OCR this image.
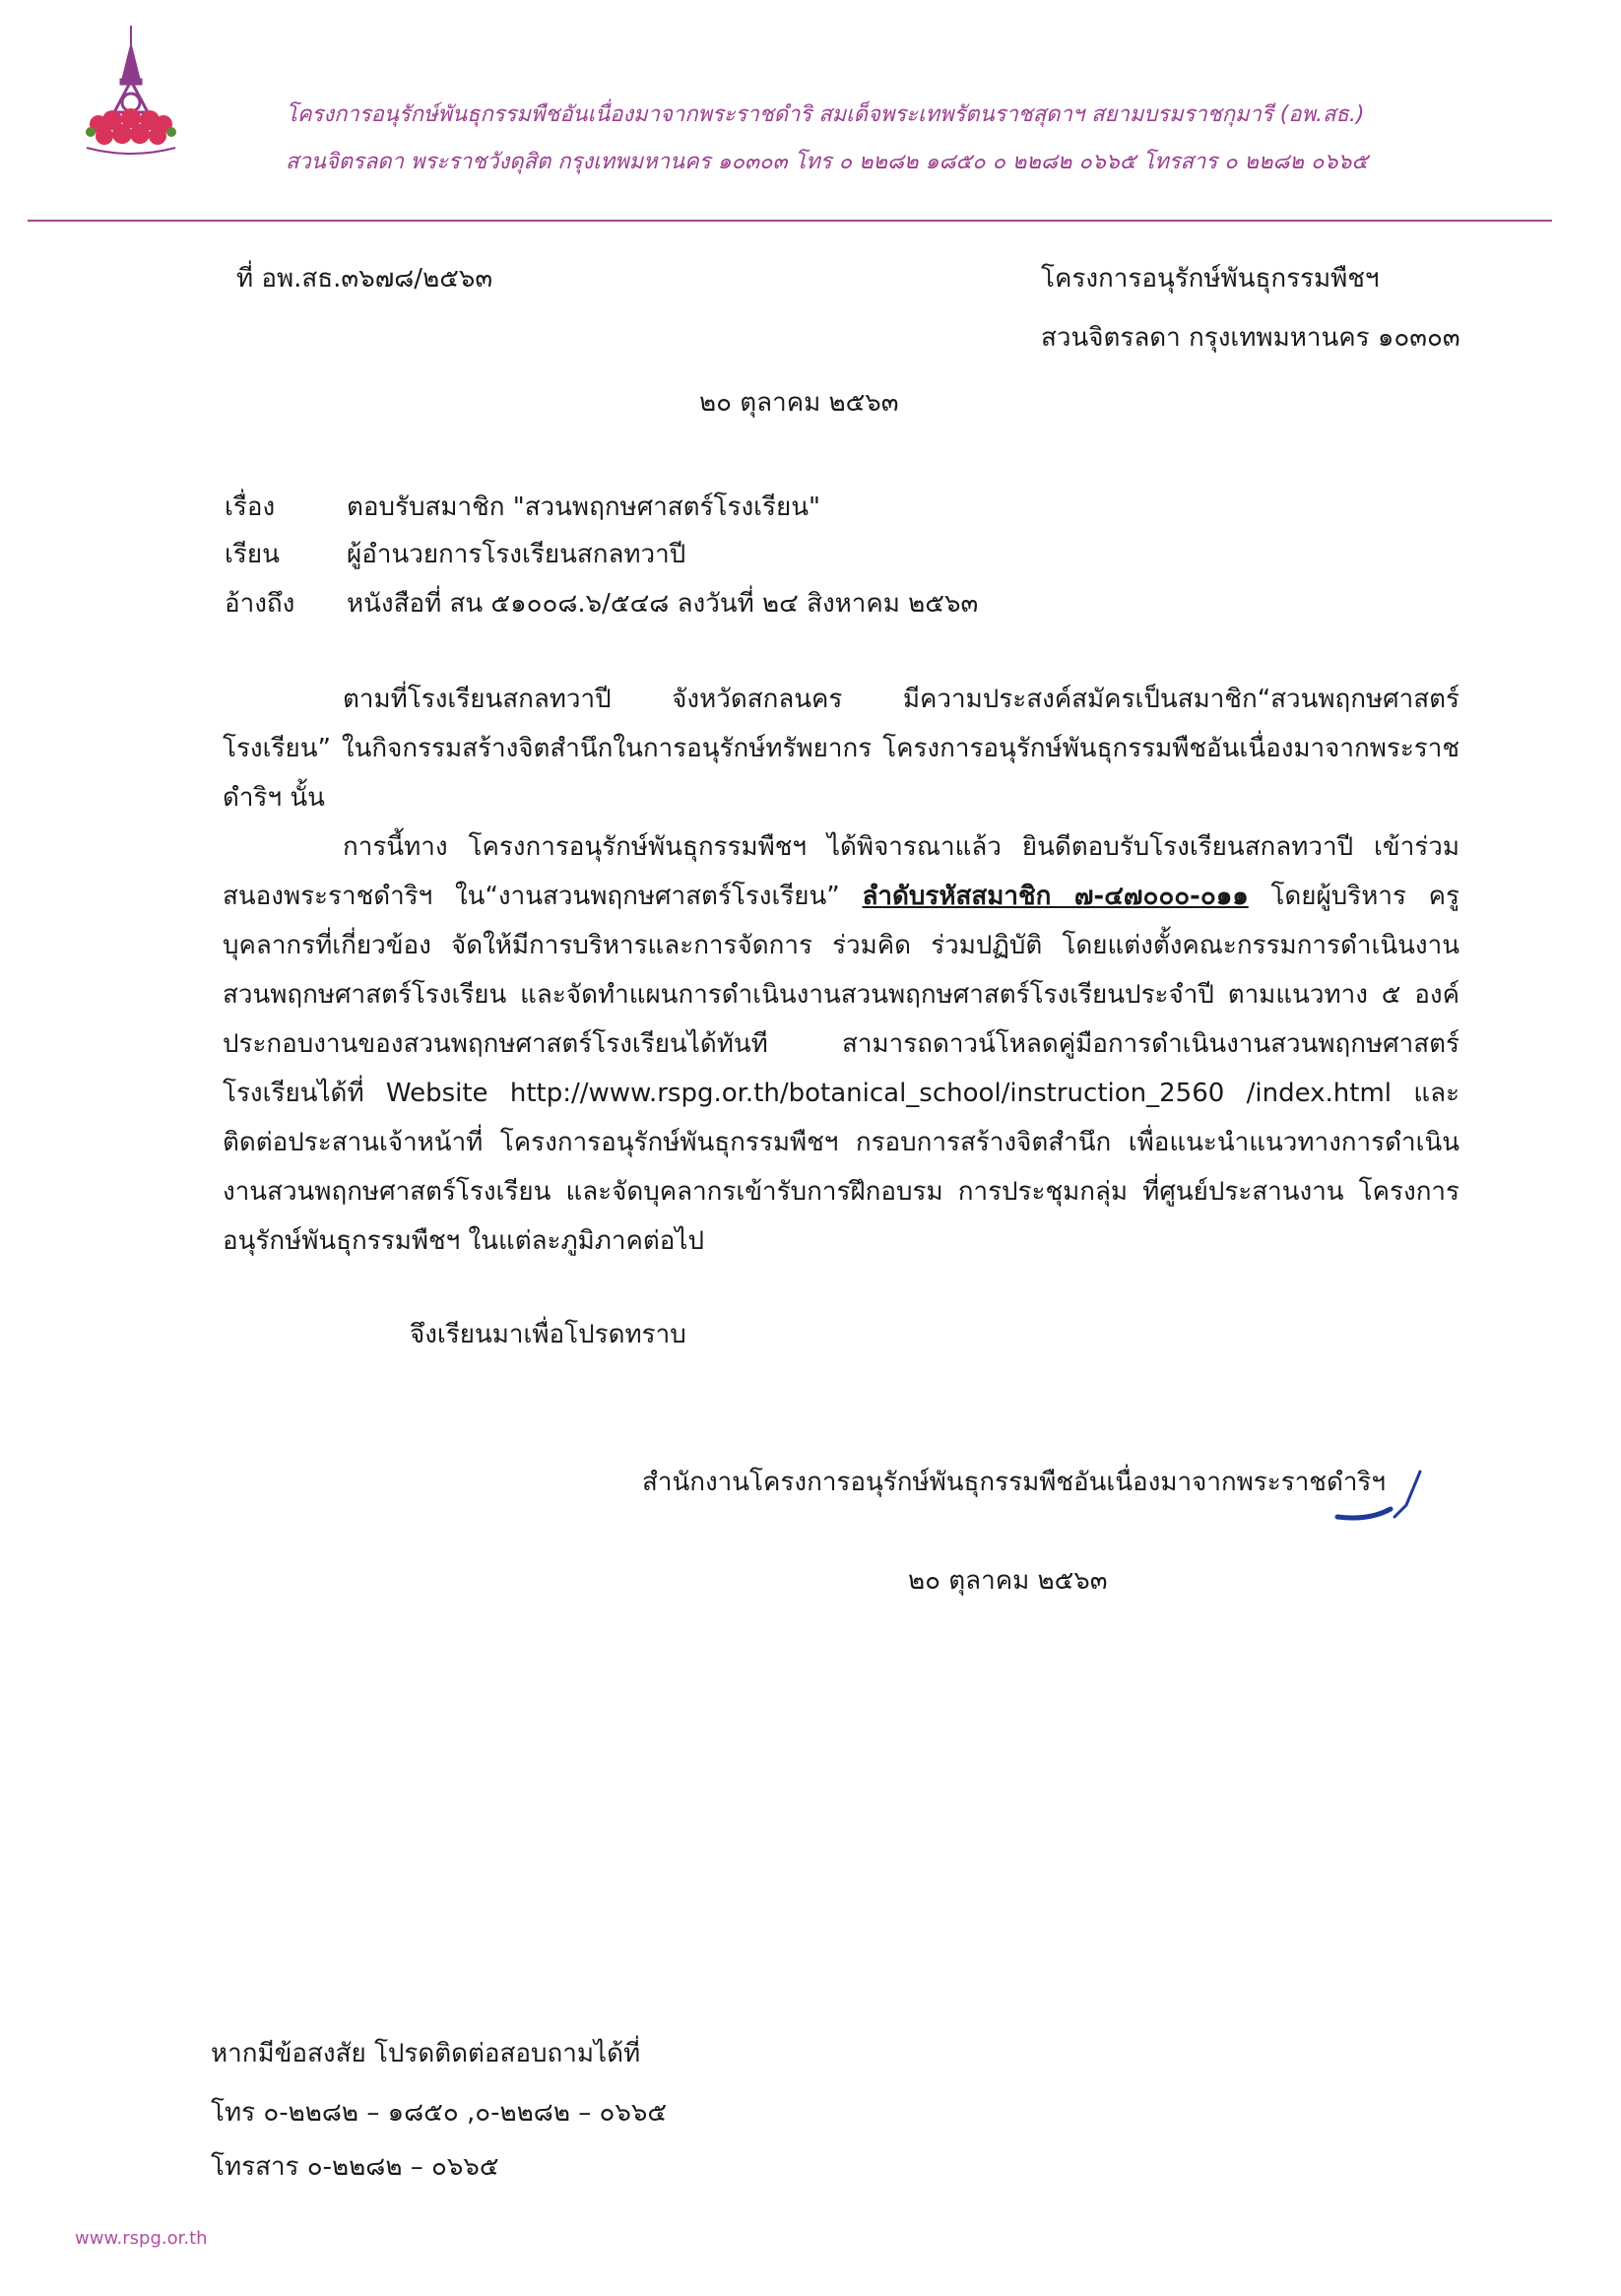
โครงการอนุรักษ์พันธุกรรมพืชอันเนื่องมาจากพระราชดำริ สมเด็จพระเทพรัตนราชสุดาฯ สยามบรมราชกุมารี (อพ.สธ.)
สวนจิตรลดา พระราชวังดุสิต กรุงเทพมหานคร ๑๐๓๐๓ โทร ๐ ๒๒๘๒ ๑๘๕๐ ๐ ๒๒๘๒ ๐๖๖๕ โทรสาร ๐ ๒๒๘๒ ๐๖๖๕
ที่ อพ.สธ.๓๖๗๘/๒๕๖๓	โครงการอนุรักษ์พันธุกรรมพืชฯ
สวนจิตรลดา กรุงเทพมหานคร ๑๐๓๐๓
๒๐ ตุลาคม ๒๕๖๓
เรื่อง	ตอบรับสมาชิก "สวนพฤกษศาสตร์โรงเรียน"
เรียน	ผู้อำนวยการโรงเรียนสกลทวาปี
อ้างถึง หนังสือที่ สน ๕๑๐๐๘.๖/๕๔๘ ลงวันที่ ๒๔ สิงหาคม ๒๕๖๓
ตามที่โรงเรียนสกลทวาปี จังหวัดสกลนคร มีความประสงค์สมัครเป็นสมาชิก“สวนพฤกษศาสตร์โรงเรียน” ในกิจกรรมสร้างจิตสำนึกในการอนุรักษ์ทรัพยากร โครงการอนุรักษ์พันธุกรรมพืชอันเนื่องมาจากพระราชดำริฯ นั้น
การนี้ทาง โครงการอนุรักษ์พันธุกรรมพืชฯ ได้พิจารณาแล้ว ยินดีตอบรับโรงเรียนสกลทวาปี เข้าร่วมสนองพระราชดำริฯ ใน“งานสวนพฤกษศาสตร์โรงเรียน” ลำดับรหัสสมาชิก ๗-๔๗๐๐๐-๐๑๑ โดยผู้บริหาร ครู บุคลากรที่เกี่ยวข้อง จัดให้มีการบริหารและการจัดการ ร่วมคิด ร่วมปฏิบัติ โดยแต่งตั้งคณะกรรมการดำเนินงานสวนพฤกษศาสตร์โรงเรียน และจัดทำแผนการดำเนินงานสวนพฤกษศาสตร์โรงเรียนประจำปี ตามแนวทาง ๕ องค์ประกอบงานของสวนพฤกษศาสตร์โรงเรียนได้ทันที สามารถดาวน์โหลดคู่มือการดำเนินงานสวนพฤกษศาสตร์โรงเรียนได้ที่ Website http://www.rspg.or.th/botanical_school/instruction_2560 /index.html และติดต่อประสานเจ้าหน้าที่ โครงการอนุรักษ์พันธุกรรมพืชฯ กรอบการสร้างจิตสำนึก เพื่อแนะนำแนวทางการดำเนินงานสวนพฤกษศาสตร์โรงเรียน และจัดบุคลากรเข้ารับการฝึกอบรม การประชุมกลุ่ม ที่ศูนย์ประสานงาน โครงการอนุรักษ์พันธุกรรมพืชฯ ในแต่ละภูมิภาคต่อไป
จึงเรียนมาเพื่อโปรดทราบ
สำนักงานโครงการอนุรักษ์พันธุกรรมพืชอันเนื่องมาจากพระราชดำริฯ
๒๐ ตุลาคม ๒๕๖๓
หากมีข้อสงสัย โปรดติดต่อสอบถามได้ที่
โทร ๐-๒๒๘๒ – ๑๘๕๐ ,๐-๒๒๘๒ – ๐๖๖๕
โทรสาร ๐-๒๒๘๒ – ๐๖๖๕
www.rspg.or.th
